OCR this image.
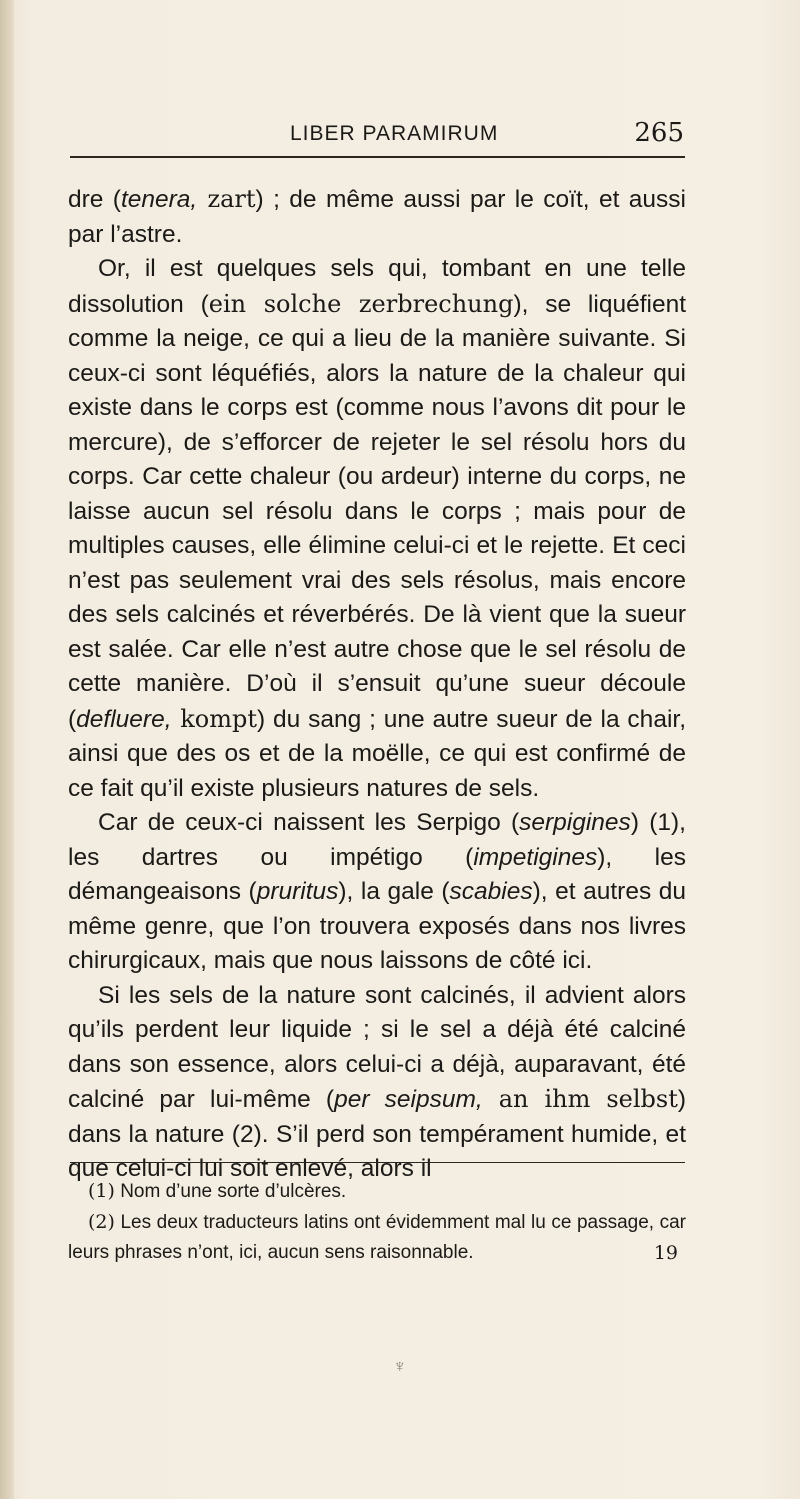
LIBER PARAMIRUM	265

dre (tenera, zart) ; de même aussi par le coït, et aussi par l’astre.

Or, il est quelques sels qui, tombant en une telle dissolution (ein solche zerbrechung), se liquéfient comme la neige, ce qui a lieu de la manière suivante. Si ceux-ci sont léquéfiés, alors la nature de la chaleur qui existe dans le corps est (comme nous l’avons dit pour le mercure), de s’efforcer de rejeter le sel résolu hors du corps. Car cette chaleur (ou ardeur) interne du corps, ne laisse aucun sel résolu dans le corps ; mais pour de multiples causes, elle élimine celui-ci et le rejette. Et ceci n’est pas seulement vrai des sels résolus, mais encore des sels calcinés et réverbérés. De là vient que la sueur est salée. Car elle n’est autre chose que le sel résolu de cette manière. D’où il s’ensuit qu’une sueur découle (defluere, kompt) du sang ; une autre sueur de la chair, ainsi que des os et de la moëlle, ce qui est confirmé de ce fait qu’il existe plusieurs natures de sels.

Car de ceux-ci naissent les Serpigo (serpigines) (1), les dartres ou impétigo (impetigines), les démangeaisons (pruritus), la gale (scabies), et autres du même genre, que l’on trouvera exposés dans nos livres chirurgicaux, mais que nous laissons de côté ici.

Si les sels de la nature sont calcinés, il advient alors qu’ils perdent leur liquide ; si le sel a déjà été calciné dans son essence, alors celui-ci a déjà, auparavant, été calciné par lui-même (per seipsum, an ihm selbst) dans la nature (2). S’il perd son tempérament humide, et que celui-ci lui soit enlevé, alors il

(1) Nom d’une sorte d’ulcères.

(2) Les deux traducteurs latins ont évidemment mal lu ce passage, car leurs phrases n’ont, ici, aucun sens raisonnable.	19
♆
